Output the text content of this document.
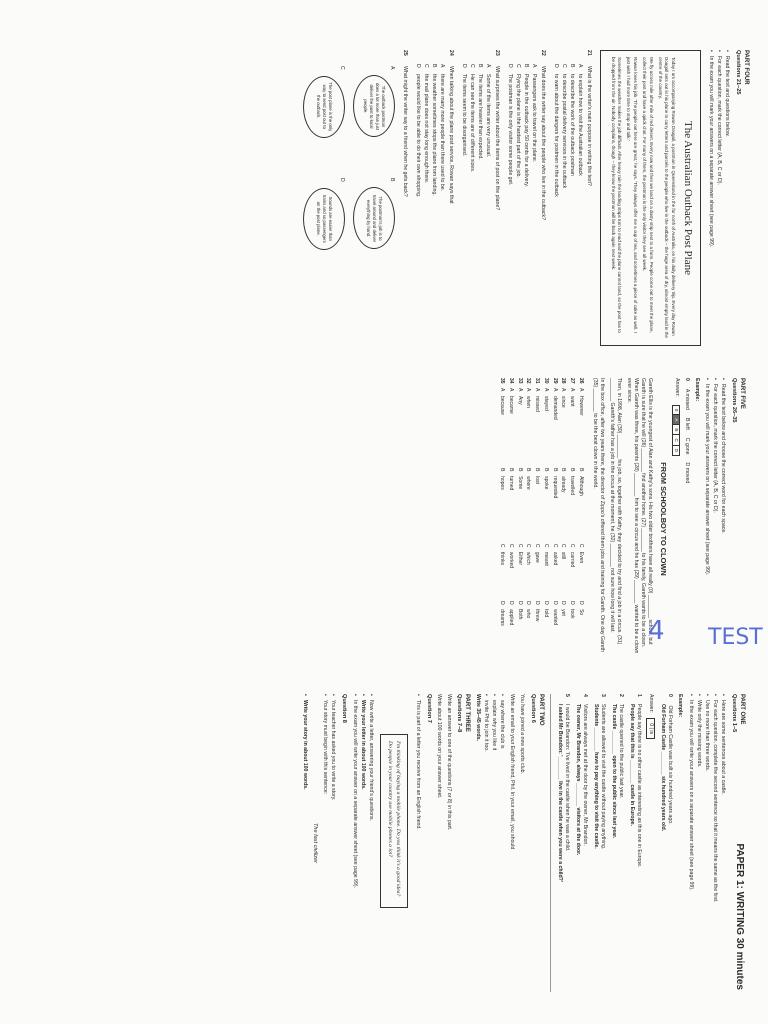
PART FOUR
Questions 21–25
• Read the text and questions below.
• For each question, mark the correct letter (A, B, C or D).
• In the exam you will mark your answers on a separate answer sheet (see page 99).
The Australian Outback Post Plane

Today I am accompanying Rowan Dougall, a postman in Queensland in the far north of Australia, on his daily delivery trip. Every day Rowan Dougall sets out in his plane to carry letters and parcels to the people who live in the outback – the huge area of dry, almost empty land in the centre of the country.

We fly across mile after mile of red desert. Every now and then we land on a dusty strip next to a farm. People come out to meet the plane, collect their post and have a quick chat. For many of them, the postman is the only visitor they see all week.

Rowan loves his job. 'The people out here are great,' he says. 'They always offer me a cup of tea, and sometimes a piece of cake as well. I just wish I had more time to stop and talk.'

Sometimes the weather makes the job difficult. After heavy rain the landing strips turn to mud and the plane cannot land, so the post has to be dropped from the air. Nobody complains, though – they know the postman will be back again next week.

21
What is the writer's main purpose in writing the text?
A
to explain how to visit the Australian outback
B
to describe the work of the outback postman
C
to describe postal delivery services in the outback
D
to warn about the dangers for postmen in the outback
22
What does the writer say about the people who live in the outback?
A
Passengers ask to travel on the plane.
B
People in the outback pay 50 cents for a delivery.
C
Flying the plane is the hardest part of the job.
D
The postman is the only visitor some people get.
23
What surprises the writer about the items of post on the plane?
A
Some of the items are very unusual.
B
The items are heavier than expected.
C
He can see the items are of different sizes.
D
The items seem to be disorganised.
24
When talking about the plane post service, Rowan says that
A
there are many more people than there used to be.
B
the weather sometimes stops the plane from landing.
C
the mail plane does not stay long enough there.
D
people would like to be able to do their own shopping.
25
What might the writer say to a friend when he gets back?
A
The outback postman does a lot more than just deliver the post to local people.
B
The postman's job is to travel around and deliver everything by hand.
C
The post plane is the only way to send post out to the outback.
D
Sounds are easier than trains and so passengers on the post plane.
TEST
4
PART FIVE
Questions 26–35
• Read the text below and choose the correct word for each space.
• For each question, mark the correct letter (A, B, C or D).
• In the exam you will mark your answers on a separate answer sheet (see page 99).
Example:
0
A missed
B left
C gone
D moved
Answer:
0
A
B
C
D
FROM SCHOOLBOY TO CLOWN

Gareth Ellis is the youngest of Alan and Kathy's sons. His two older brothers have all really (0) ________ school, but Gareth is sure that he will (26) ________ find another home. (27) ________ to his family, Gareth wants to be a clown. When Gareth was three, his parents (28) ________ him to see a circus and he has (29) ________ wanted to be a clown ever since.

Then, in 1998, Alan (30) ________ his job, so, together with Kathy, they decided to try and find a job in a circus. (31) ________ Gareth's father has a job in the circus at the moment, he (32) ________ not sure how long it will last.

In the box office, after two years there, the director of Zippo's offered them jobs and training for Gareth. One day Gareth (35) ________ to be the best clown in the world.

26	A	However	B	Although	C	Even	D	So
27	A	want	B	travelled	C	carried	D	took
28	A	since	B	already	C	still	D	yet
29	A	demanded	B	requested	C	asked	D	wanted
30	A	stayed	B	spoke	C	meant	D	told
31	A	missed	B	lost	C	gave	D	threw
32	A	when	B	where	C	which	D	who
33	A	Any	B	Some	C	Either	D	Both
34	A	became	B	turned	C	worked	D	applied
35	A	because	B	hopes	C	thinks	D	dreams
PAPER 1: WRITING 30 minutes
PART ONE
Questions 1–5
• Here are some sentences about a castle.
• For each question, complete the second sentence so that it means the same as the first.
• Use no more than three words.
• Write only the missing words.
• In the exam you will write your answers on a separate answer sheet (see page 99).
Example:
0 Old Forham Castle was built six hundred years ago.
Old Forham Castle ________ six hundred years old.
Answer: 0 | is
1People say there is no other castle as interesting as this one in Europe.
People say that this is ________ castle in Europe.
2The castle opened to the public last year.
The castle ________ open to the public since last year.
3Students are allowed to visit the castle without paying anything.
Students ________ have to pay anything to visit the castle.
4Visitors are always met at the door by the owner, Mr Brandon.
The owner, Mr Brandon, always ________ visitors at the door.
5I would be Brandon: 'I've lived in the castle when he was a child.
I asked Mr Brandon: '________ live in the castle when you were a child?'
PART TWO
Question 6

You have joined a new sports club.

Write an email to your English friend, Phil. In your email, you should

• say where the club is
• explain why you like it
• invite Phil to join it too.

Write 35–45 words.

PART THREE
Questions 7–8

Write an answer to one of the questions (7 or 8) in this part.

Write about 100 words on your answer sheet.

Question 7
• This is part of a letter you receive from an English friend.
I'm thinking of buying a mobile phone. Do you think it's a good idea? Do people in your country use mobile phones a lot?
• Now write a letter, answering your friend's questions.
• Write your letter in about 100 words.
• In the exam you will write your answer on a separate answer sheet (see page 99).
Question 8
• Your teacher has asked you to write a story.
• Your story must begin with this sentence:
The fast civilizer
• Write your story in about 100 words.
